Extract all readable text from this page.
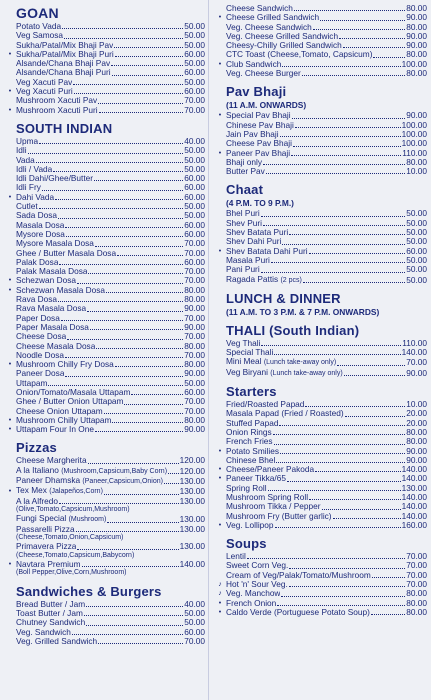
GOAN
Potato Vada	50.00
Veg Samosa	50.00
Sukha/Patal/Mix Bhaji Pav	50.00
• Sukha/Patal/Mix Bhaji Puri	60.00
Alsande/Chana Bhaji Pav	50.00
Alsande/Chana Bhaji Puri	60.00
Veg Xacuti Pav	50.00
• Veg Xacuti Puri	60.00
Mushroom Xacuti Pav	70.00
• Mushroom Xacuti Puri	70.00
SOUTH INDIAN
Upma	40.00
Idli	50.00
Vada	50.00
Idli / Vada	50.00
Idli Dahi/Ghee/Butter	60.00
Idli Fry	60.00
• Dahi Vada	60.00
Cutlet	50.00
Sada Dosa	50.00
Masala Dosa	60.00
Mysore Dosa	60.00
Mysore Masala Dosa	70.00
Ghee / Butter Masala Dosa	70.00
Palak Dosa	60.00
Palak Masala Dosa	70.00
• Schezwan Dosa	70.00
• Schezwan Masala Dosa	80.00
Rava Dosa	80.00
Rava Masala Dosa	90.00
Paper Dosa	70.00
Paper Masala Dosa	90.00
Cheese Dosa	70.00
Cheese Masala Dosa	80.00
Noodle Dosa	70.00
• Mushroom Chilly Fry Dosa	80.00
Paneer Dosa	90.00
Uttapam	50.00
Onion/Tomato/Masala Uttapam	60.00
Ghee / Butter Onion Uttapam	70.00
Cheese Onion Uttapam	70.00
• Mushroom Chilly Uttapam	80.00
• Uttapam Four In One	90.00
Pizzas
Cheese Margherita	120.00
A la Italiano (Mushroom,Capsicum,Baby Corn) 120.00
Paneer Dhamska (Paneer,Capsicum,Onion) 130.00
• Tex Mex (Jalapeños,Corn)	130.00
A la Alfredo	130.00
(Olive,Tomato,Capsicum,Mushroom)
Fungi Special (Mushroom)	130.00
Passarelli Pizza	130.00
(Cheese,Tomato,Onion,Capsicum)
Primavera Pizza	130.00
(Cheese,Tomato,Capsicum,Babycorn)
• Navtara Premium	140.00
(Boll Pepper,Olive,Corn,Mushroom)
Sandwiches & Burgers
Bread Butter / Jam	40.00
Toast Butter / Jam	50.00
Chutney Sandwich	50.00
Veg. Sandwich	60.00
Veg. Grilled Sandwich	70.00
Cheese Sandwich	80.00
• Cheese Grilled Sandwich	90.00
Veg. Cheese Sandwich	80.00
Veg. Cheese Grilled Sandwich	90.00
Cheesy-Chilly Grilled Sandwich	90.00
CTC Toast (Cheese,Tomato, Capsicum)	80.00
• Club Sandwich	100.00
Veg. Cheese Burger	80.00
Pav Bhaji
(11 A.M. ONWARDS)
• Special Pav Bhaji	90.00
Chinese Pav Bhaji	100.00
Jain Pav Bhaji	100.00
Cheese Pav Bhaji	100.00
• Paneer Pav Bhaji	110.00
Bhaji only	80.00
Butter Pav	10.00
Chaat
(4 P.M. TO 9 P.M.)
Bhel Puri	50.00
Shev Puri	50.00
Shev Batata Puri	50.00
Shev Dahi Puri	50.00
• Shev Batata Dahi Puri	60.00
Masala Puri	50.00
Pani Puri	50.00
Ragada Pattis (2 pcs)	50.00
LUNCH & DINNER
(11 A.M. TO 3 P.M. & 7 P.M. ONWARDS)
THALI (South Indian)
Veg Thali	110.00
Special Thali	140.00
Mini Meal (Lunch take-away only)	70.00
Veg Biryani (Lunch take-away only)	90.00
Starters
Fried/Roasted Papad	10.00
Masala Papad (Fried / Roasted)	20.00
Stuffed Papad	20.00
Onion Rings	80.00
French Fries	80.00
• Potato Smilies	90.00
Chinese Bhel	90.00
• Cheese/Paneer Pakoda	140.00
• Paneer Tikka/65	140.00
Spring Roll	130.00
Mushroom Spring Roll	140.00
Mushroom Tikka / Pepper	140.00
Mushroom Fry (Butter garlic)	140.00
• Veg. Lollipop	160.00
Soups
Lentil	70.00
Sweet Corn Veg.	70.00
Cream of Veg/Palak/Tomato/Mushroom	70.00
♪ Hot 'n' Sour Veg.	70.00
♪ Veg. Manchow	80.00
• French Onion	80.00
• Caldo Verde (Portuguese Potato Soup)	80.00
